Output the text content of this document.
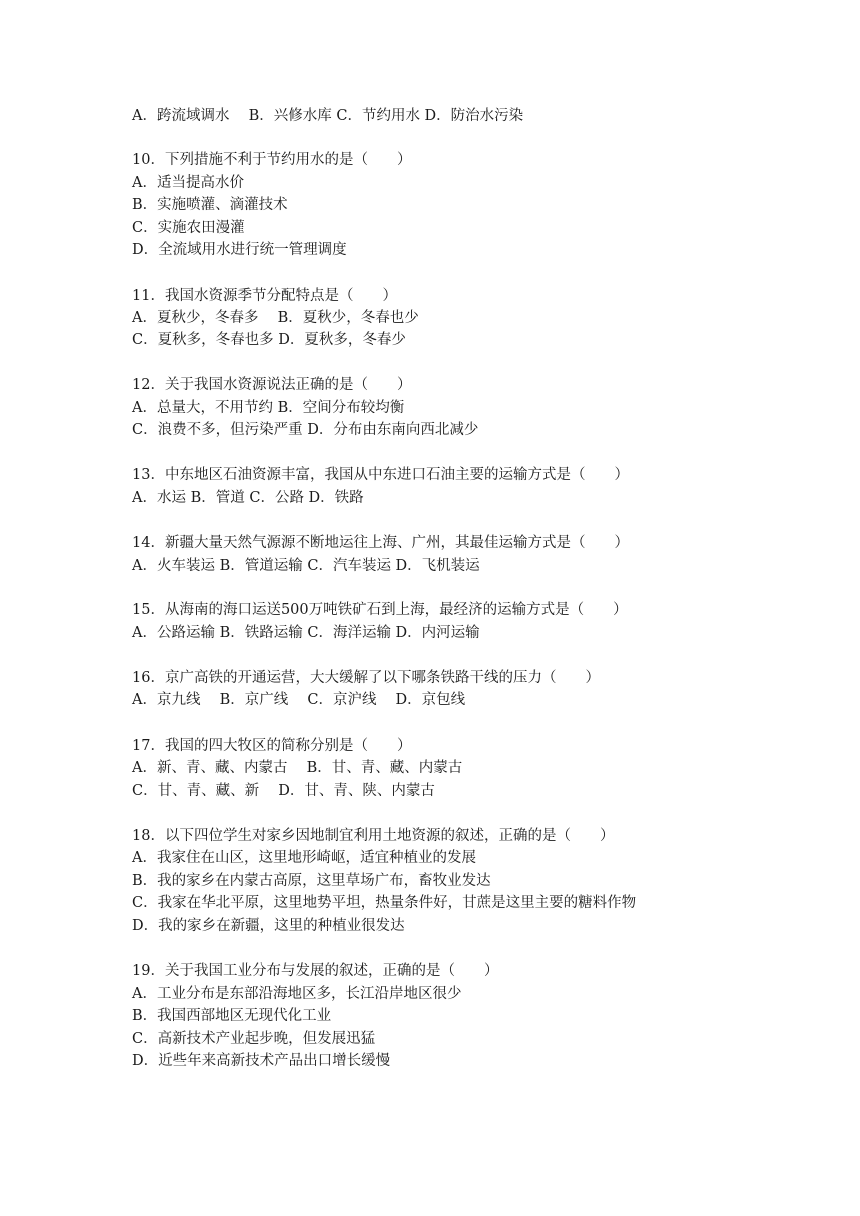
A．跨流域调水　 B．兴修水库 C．节约用水 D．防治水污染
10．下列措施不利于节约用水的是（　　）
A．适当提高水价
B．实施喷灌、滴灌技术
C．实施农田漫灌
D．全流域用水进行统一管理调度
11．我国水资源季节分配特点是（　　）
A．夏秋少，冬春多　 B．夏秋少，冬春也少
C．夏秋多，冬春也多 D．夏秋多，冬春少
12．关于我国水资源说法正确的是（　　）
A．总量大，不用节约 B．空间分布较均衡
C．浪费不多，但污染严重 D．分布由东南向西北减少
13．中东地区石油资源丰富，我国从中东进口石油主要的运输方式是（　　）
A．水运 B．管道 C．公路 D．铁路
14．新疆大量天然气源源不断地运往上海、广州，其最佳运输方式是（　　）
A．火车装运 B．管道运输 C．汽车装运 D．飞机装运
15．从海南的海口运送500万吨铁矿石到上海，最经济的运输方式是（　　）
A．公路运输 B．铁路运输 C．海洋运输 D．内河运输
16．京广高铁的开通运营，大大缓解了以下哪条铁路干线的压力（　　）
A．京九线　 B．京广线　 C．京沪线　 D．京包线
17．我国的四大牧区的简称分别是（　　）
A．新、青、藏、内蒙古　 B．甘、青、藏、内蒙古
C．甘、青、藏、新　 D．甘、青、陕、内蒙古
18．以下四位学生对家乡因地制宜利用土地资源的叙述，正确的是（　　）
A．我家住在山区，这里地形崎岖，适宜种植业的发展
B．我的家乡在内蒙古高原，这里草场广布，畜牧业发达
C．我家在华北平原，这里地势平坦，热量条件好，甘蔗是这里主要的糖料作物
D．我的家乡在新疆，这里的种植业很发达
19．关于我国工业分布与发展的叙述，正确的是（　　）
A．工业分布是东部沿海地区多，长江沿岸地区很少
B．我国西部地区无现代化工业
C．高新技术产业起步晚，但发展迅猛
D．近些年来高新技术产品出口增长缓慢
